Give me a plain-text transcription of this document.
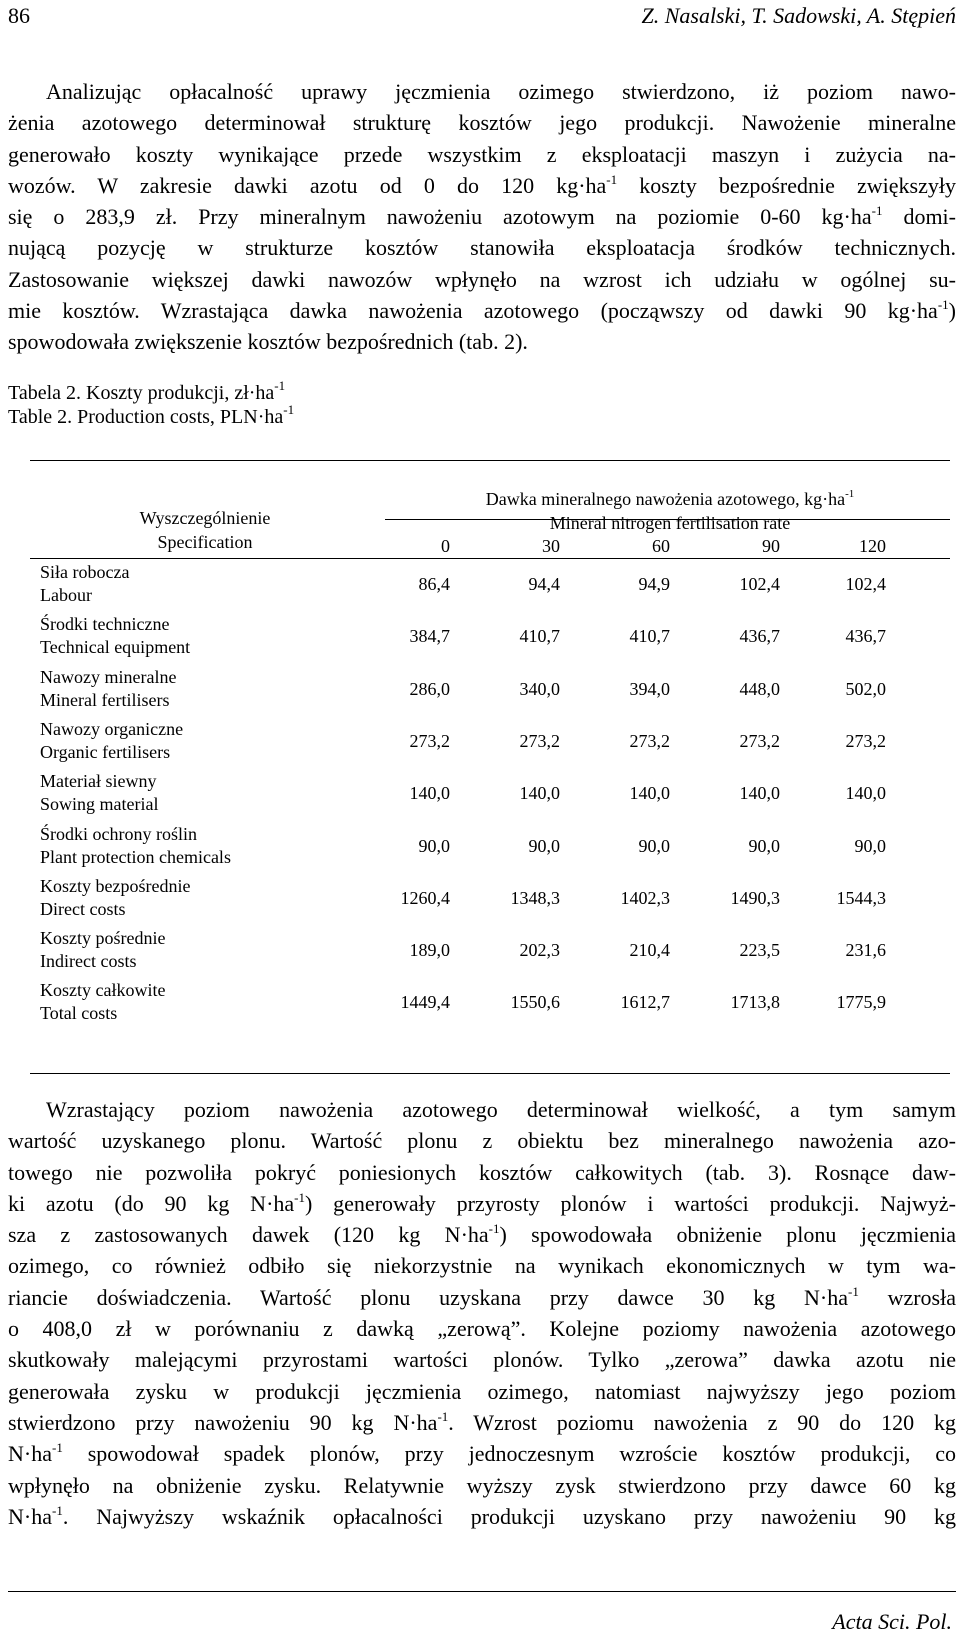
86	Z. Nasalski, T. Sadowski, A. Stępień
Analizując opłacalność uprawy jęczmienia ozimego stwierdzono, iż poziom nawo-
żenia azotowego determinował strukturę kosztów jego produkcji. Nawożenie mineralne
generowało koszty wynikające przede wszystkim z eksploatacji maszyn i zużycia na-
wozów. W zakresie dawki azotu od 0 do 120 $kg\cdot ha^{-1}$ koszty bezpośrednie zwiększyły
się o 283,9 zł. Przy mineralnym nawożeniu azotowym na poziomie 0-60 $kg\cdot ha^{-1}$ domi-
nującą pozycję w strukturze kosztów stanowiła eksploatacja środków technicznych.
Zastosowanie większej dawki nawozów wpłynęło na wzrost ich udziału w ogólnej su-
mie kosztów. Wzrastająca dawka nawożenia azotowego (począwszy od dawki 90 $kg\cdot ha^{-1}$)
spowodowała zwiększenie kosztów bezpośrednich (tab. 2).
Tabela 2. Koszty produkcji, $zł\cdot ha^{-1}$
Table 2. Production costs, $PLN\cdot ha^{-1}$
Wyszczególnienie
Specification
Dawka mineralnego nawożenia azotowego, $kg\cdot ha^{-1}$
Mineral nitrogen fertilisation rate
0	30	60	90	120
Siła robocza
Labour
86,4	94,4	94,9	102,4	102,4
Środki techniczne
Technical equipment
384,7	410,7	410,7	436,7	436,7
Nawozy mineralne
Mineral fertilisers
286,0	340,0	394,0	448,0	502,0
Nawozy organiczne
Organic fertilisers
273,2	273,2	273,2	273,2	273,2
Materiał siewny
Sowing material
140,0	140,0	140,0	140,0	140,0
Środki ochrony roślin
Plant protection chemicals
90,0	90,0	90,0	90,0	90,0
Koszty bezpośrednie
Direct costs
1260,4	1348,3	1402,3	1490,3	1544,3
Koszty pośrednie
Indirect costs
189,0	202,3	210,4	223,5	231,6
Koszty całkowite
Total costs
1449,4	1550,6	1612,7	1713,8	1775,9
Wzrastający poziom nawożenia azotowego determinował wielkość, a tym samym
wartość uzyskanego plonu. Wartość plonu z obiektu bez mineralnego nawożenia azo-
towego nie pozwoliła pokryć poniesionych kosztów całkowitych (tab. 3). Rosnące daw-
ki azotu (do 90 kg $N\cdot ha^{-1}$) generowały przyrosty plonów i wartości produkcji. Najwyż-
sza z zastosowanych dawek (120 kg $N\cdot ha^{-1}$) spowodowała obniżenie plonu jęczmienia
ozimego, co również odbiło się niekorzystnie na wynikach ekonomicznych w tym wa-
riancie doświadczenia. Wartość plonu uzyskana przy dawce 30 kg $N\cdot ha^{-1}$ wzrosła
o 408,0 zł w porównaniu z dawką „zerową”. Kolejne poziomy nawożenia azotowego
skutkowały malejącymi przyrostami wartości plonów. Tylko „zerowa” dawka azotu nie
generowała zysku w produkcji jęczmienia ozimego, natomiast najwyższy jego poziom
stwierdzono przy nawożeniu 90 kg $N\cdot ha^{-1}$. Wzrost poziomu nawożenia z 90 do 120 kg
$N\cdot ha^{-1}$ spowodował spadek plonów, przy jednoczesnym wzroście kosztów produkcji, co
wpłynęło na obniżenie zysku. Relatywnie wyższy zysk stwierdzono przy dawce 60 kg
$N\cdot ha^{-1}$. Najwyższy wskaźnik opłacalności produkcji uzyskano przy nawożeniu 90 kg
Acta Sci. Pol.
